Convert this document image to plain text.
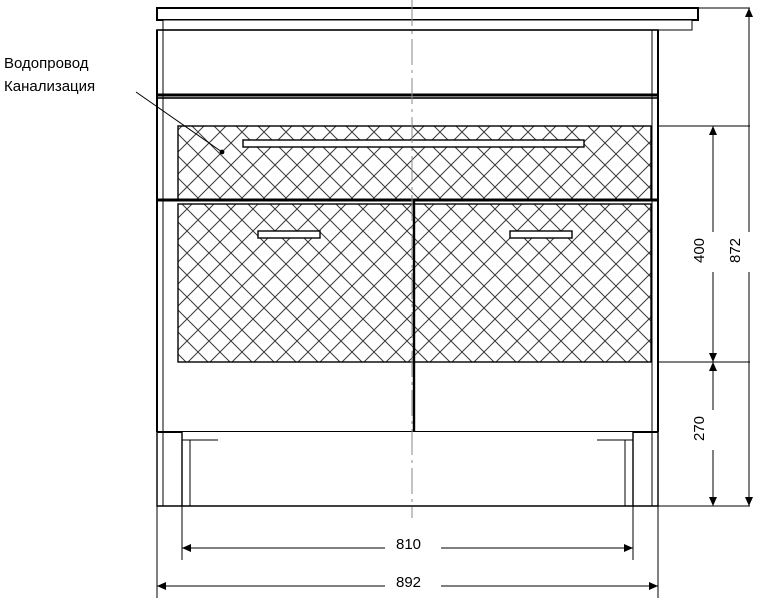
Водопровод
Канализация
810
892
400 872
270
